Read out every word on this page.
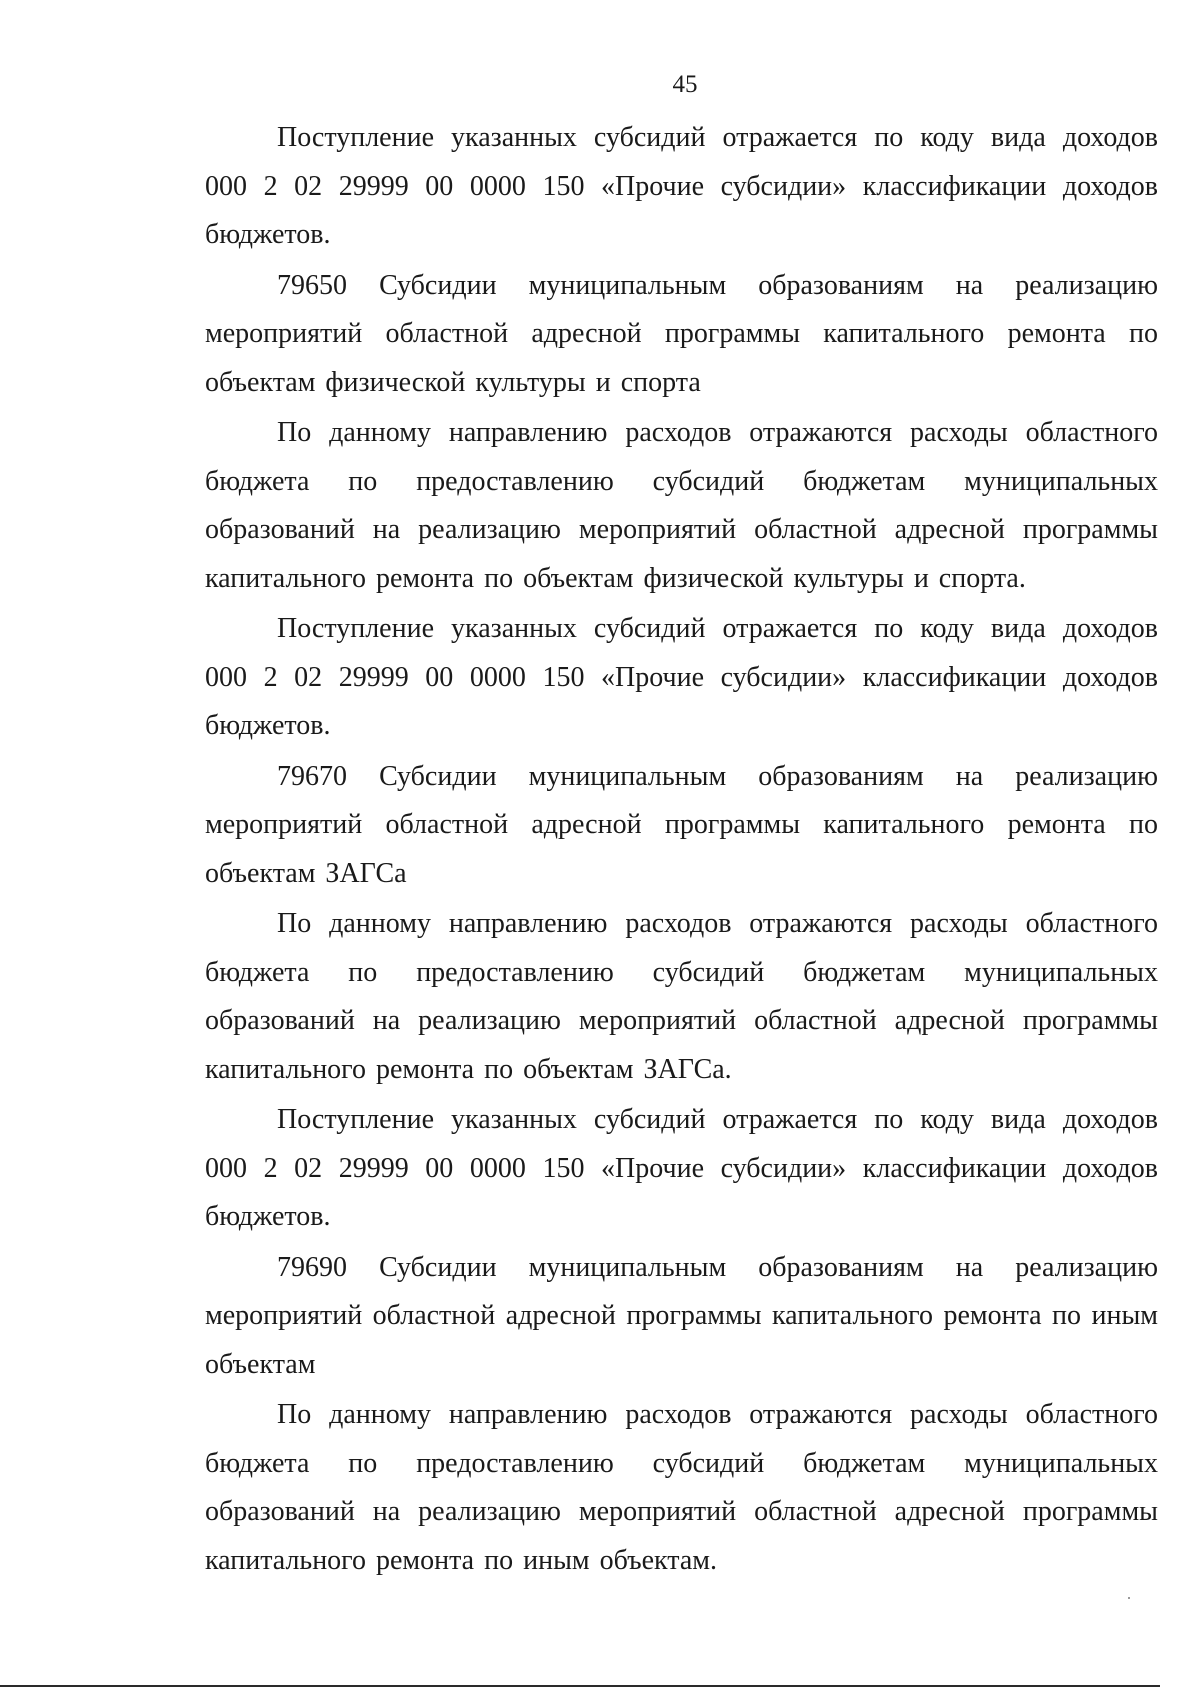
45

Поступление указанных субсидий отражается по коду вида доходов 000 2 02 29999 00 0000 150 «Прочие субсидии» классификации доходов бюджетов.

79650 Субсидии муниципальным образованиям на реализацию мероприятий областной адресной программы капитального ремонта по объектам физической культуры и спорта

По данному направлению расходов отражаются расходы областного бюджета по предоставлению субсидий бюджетам муниципальных образований на реализацию мероприятий областной адресной программы капитального ремонта по объектам физической культуры и спорта.

Поступление указанных субсидий отражается по коду вида доходов 000 2 02 29999 00 0000 150 «Прочие субсидии» классификации доходов бюджетов.

79670 Субсидии муниципальным образованиям на реализацию мероприятий областной адресной программы капитального ремонта по объектам ЗАГСа

По данному направлению расходов отражаются расходы областного бюджета по предоставлению субсидий бюджетам муниципальных образований на реализацию мероприятий областной адресной программы капитального ремонта по объектам ЗАГСа.

Поступление указанных субсидий отражается по коду вида доходов 000 2 02 29999 00 0000 150 «Прочие субсидии» классификации доходов бюджетов.

79690 Субсидии муниципальным образованиям на реализацию мероприятий областной адресной программы капитального ремонта по иным объектам

По данному направлению расходов отражаются расходы областного бюджета по предоставлению субсидий бюджетам муниципальных образований на реализацию мероприятий областной адресной программы капитального ремонта по иным объектам.
